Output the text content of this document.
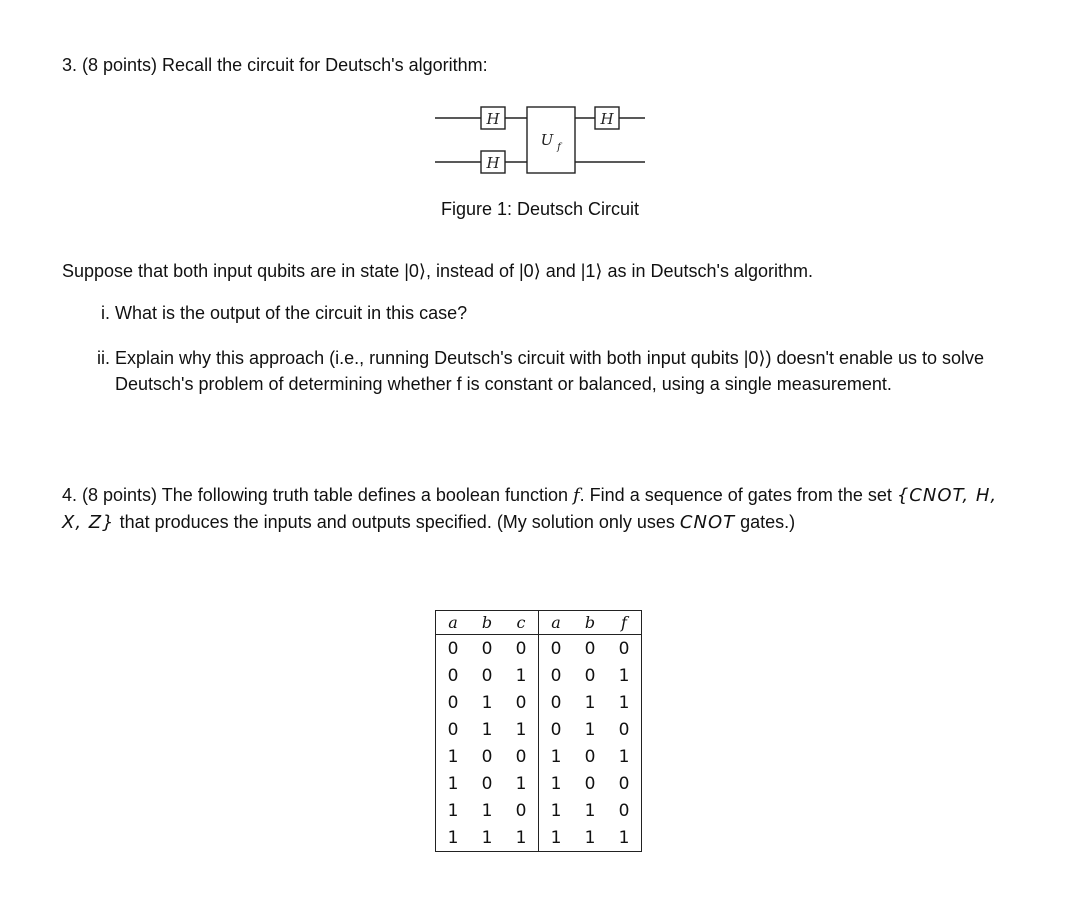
3. (8 points) Recall the circuit for Deutsch's algorithm:
H
H
H
U f
Figure 1: Deutsch Circuit
Suppose that both input qubits are in state |0⟩, instead of |0⟩ and |1⟩ as in Deutsch's algorithm.
i. What is the output of the circuit in this case?
ii. Explain why this approach (i.e., running Deutsch's circuit with both input qubits |0⟩) doesn't enable us to solve Deutsch's problem of determining whether f is constant or balanced, using a single measurement.
4. (8 points) The following truth table defines a boolean function f. Find a sequence of gates from the set {CNOT, H, X, Z} that produces the inputs and outputs specified. (My solution only uses CNOT gates.)
a	b	c	a	b	f
0	0	0	0	0	0
0	0	1	0	0	1
0	1	0	0	1	1
0	1	1	0	1	0
1	0	0	1	0	1
1	0	1	1	0	0
1	1	0	1	1	0
1	1	1	1	1	1
